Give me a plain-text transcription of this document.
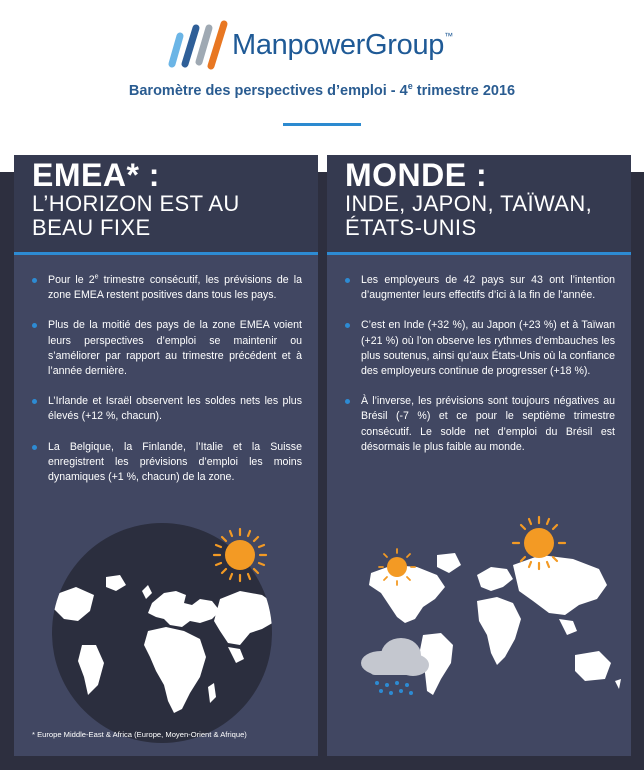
ManpowerGroup™
Baromètre des perspectives d’emploi - 4e trimestre 2016
EMEA* :
L’HORIZON EST AU
BEAU FIXE
Pour le 2e trimestre consécutif, les prévisions de la zone EMEA restent positives dans tous les pays.
Plus de la moitié des pays de la zone EMEA voient leurs perspectives d’emploi se maintenir ou s’améliorer par rapport au trimestre précédent et à l’année dernière.
L’Irlande et Israël observent les soldes nets les plus élevés (+12 %, chacun).
La Belgique, la Finlande, l’Italie et la Suisse enregistrent les prévisions d’emploi les moins dynamiques (+1 %, chacun) de la zone.
* Europe Middle-East & Africa (Europe, Moyen-Orient & Afrique)
MONDE :
INDE, JAPON, TAÏWAN,
ÉTATS-UNIS
Les employeurs de 42 pays sur 43 ont l’intention d’augmenter leurs effectifs d’ici à la fin de l’année.
C’est en Inde (+32 %), au Japon (+23 %) et à Taïwan (+21 %) où l’on observe les rythmes d’embauches les plus soutenus, ainsi qu’aux États-Unis où la confiance des employeurs continue de progresser (+18 %).
À l’inverse, les prévisions sont toujours négatives au Brésil (-7 %) et ce pour le septième trimestre consécutif. Le solde net d’emploi du Brésil est désormais le plus faible au monde.
